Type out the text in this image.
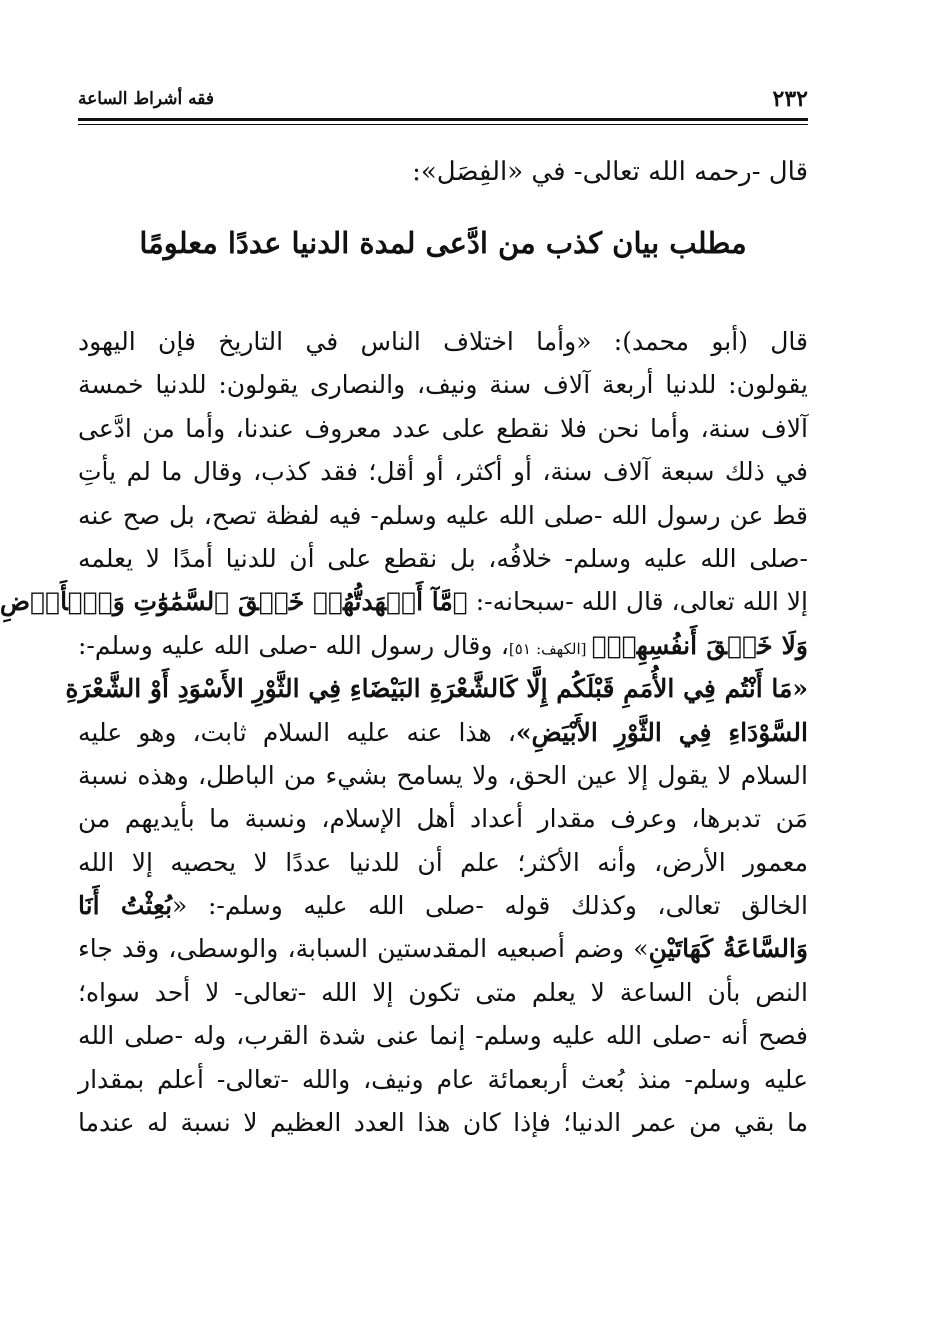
٢٣٢
فقه أشراط الساعة
قال -رحمه الله تعالى- في «الفِصَل»:
مطلب بيان كذب من ادَّعى لمدة الدنيا عددًا معلومًا
قال (أبو محمد): «وأما اختلاف الناس في التاريخ فإن اليهود
يقولون: للدنيا أربعة آلاف سنة ونيف، والنصارى يقولون: للدنيا خمسة
آلاف سنة، وأما نحن فلا نقطع على عدد معروف عندنا، وأما من ادَّعى
في ذلك سبعة آلاف سنة، أو أكثر، أو أقل؛ فقد كذب، وقال ما لم يأتِ
قط عن رسول الله -صلى الله عليه وسلم- فيه لفظة تصح، بل صح عنه
-صلى الله عليه وسلم- خلافُه، بل نقطع على أن للدنيا أمدًا لا يعلمه
إلا الله تعالى، قال الله -سبحانه-: ﴿مَّآ أَشۡهَدتُّهُمۡ خَلۡقَ ٱلسَّمَٰوَٰتِ وَٱلۡأَرۡضِ
وَلَا خَلۡقَ أَنفُسِهِمۡ﴾ [الكهف: ٥١]، وقال رسول الله -صلى الله عليه وسلم-:
«مَا أَنْتُم فِي الأُمَمِ قَبْلَكُم إِلَّا كَالشَّعْرَةِ البَيْضَاءِ فِي الثَّوْرِ الأَسْوَدِ أَوْ الشَّعْرَةِ
السَّوْدَاءِ فِي الثَّوْرِ الأَبْيَضِ»، هذا عنه عليه السلام ثابت، وهو عليه
السلام لا يقول إلا عين الحق، ولا يسامح بشيء من الباطل، وهذه نسبة
مَن تدبرها، وعرف مقدار أعداد أهل الإسلام، ونسبة ما بأيديهم من
معمور الأرض، وأنه الأكثر؛ علم أن للدنيا عددًا لا يحصيه إلا الله
الخالق تعالى، وكذلك قوله -صلى الله عليه وسلم-: «بُعِثْتُ أَنَا
وَالسَّاعَةُ كَهَاتَيْنِ» وضم أصبعيه المقدستين السبابة، والوسطى، وقد جاء
النص بأن الساعة لا يعلم متى تكون إلا الله -تعالى- لا أحد سواه؛
فصح أنه -صلى الله عليه وسلم- إنما عنى شدة القرب، وله -صلى الله
عليه وسلم- منذ بُعث أربعمائة عام ونيف، والله -تعالى- أعلم بمقدار
ما بقي من عمر الدنيا؛ فإذا كان هذا العدد العظيم لا نسبة له عندما
